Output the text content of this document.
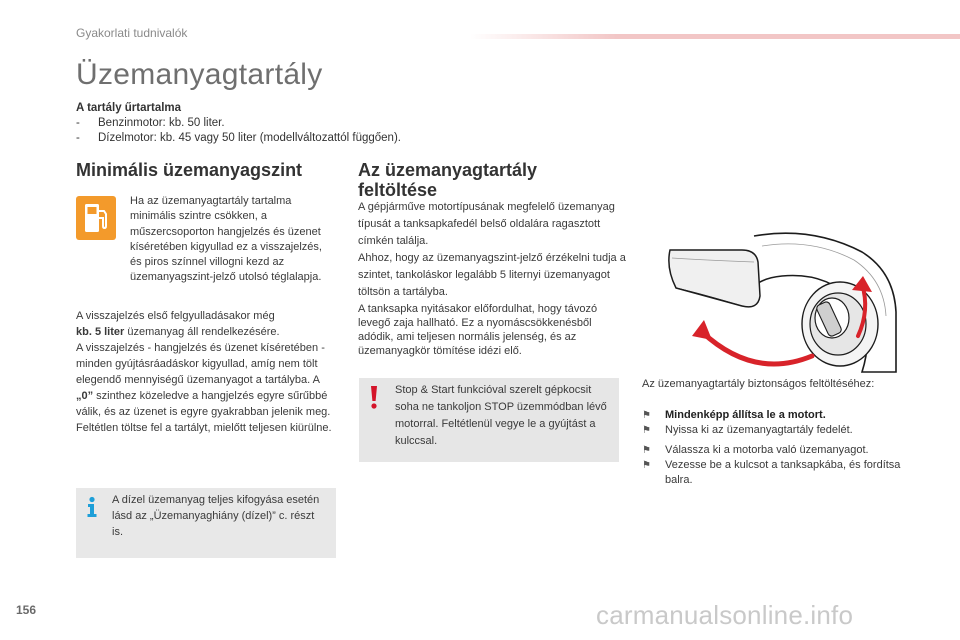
Gyakorlati tudnivalók
Üzemanyagtartály
A tartály űrtartalma
- Benzinmotor: kb. 50 liter.
- Dízelmotor: kb. 45 vagy 50 liter (modellváltozattól függően).
Minimális üzemanyagszint
Ha az üzemanyagtartály tartalma minimális szintre csökken, a műszercsoporton hangjelzés és üzenet kíséretében kigyullad ez a visszajelzés, és piros színnel villogni kezd az üzemanyagszint-jelző utolsó téglalapja.

A visszajelzés első felgyulladásakor még
kb. 5 liter üzemanyag áll rendelkezésére.

A visszajelzés - hangjelzés és üzenet kíséretében - minden gyújtásráadáskor kigyullad, amíg nem tölt elegendő mennyiségű üzemanyagot a tartályba. A „0” szinthez közeledve a hangjelzés egyre sűrűbbé válik, és az üzenet is egyre gyakrabban jelenik meg.

Feltétlen töltse fel a tartályt, mielőtt teljesen kiürülne.

A dízel üzemanyag teljes kifogyása esetén lásd az „Üzemanyaghiány (dízel)” c. részt is.
Az üzemanyagtartály
feltöltése
A gépjárműve motortípusának megfelelő üzemanyag típusát a tanksapkafedél belső oldalára ragasztott címkén találja.
Ahhoz, hogy az üzemanyagszint-jelző érzékelni tudja a szintet, tankoláskor legalább 5 liternyi üzemanyagot töltsön a tartályba.
A tanksapka nyitásakor előfordulhat, hogy távozó levegő zaja hallható. Ez a nyomáscsökkenésből adódik, ami teljesen normális jelenség, és az üzemanyagkör tömítése idézi elő.
Stop & Start funkcióval szerelt gépkocsit soha ne tankoljon STOP üzemmódban lévő motorral. Feltétlenül vegye le a gyújtást a kulccsal.
Az üzemanyagtartály biztonságos feltöltéséhez:
⚑ Mindenképp állítsa le a motort.
⚑ Nyissa ki az üzemanyagtartály fedelét.
⚑ Válassza ki a motorba való üzemanyagot.
⚑ Vezesse be a kulcsot a tanksapkába, és fordítsa balra.
156	carmanualsonline.info
